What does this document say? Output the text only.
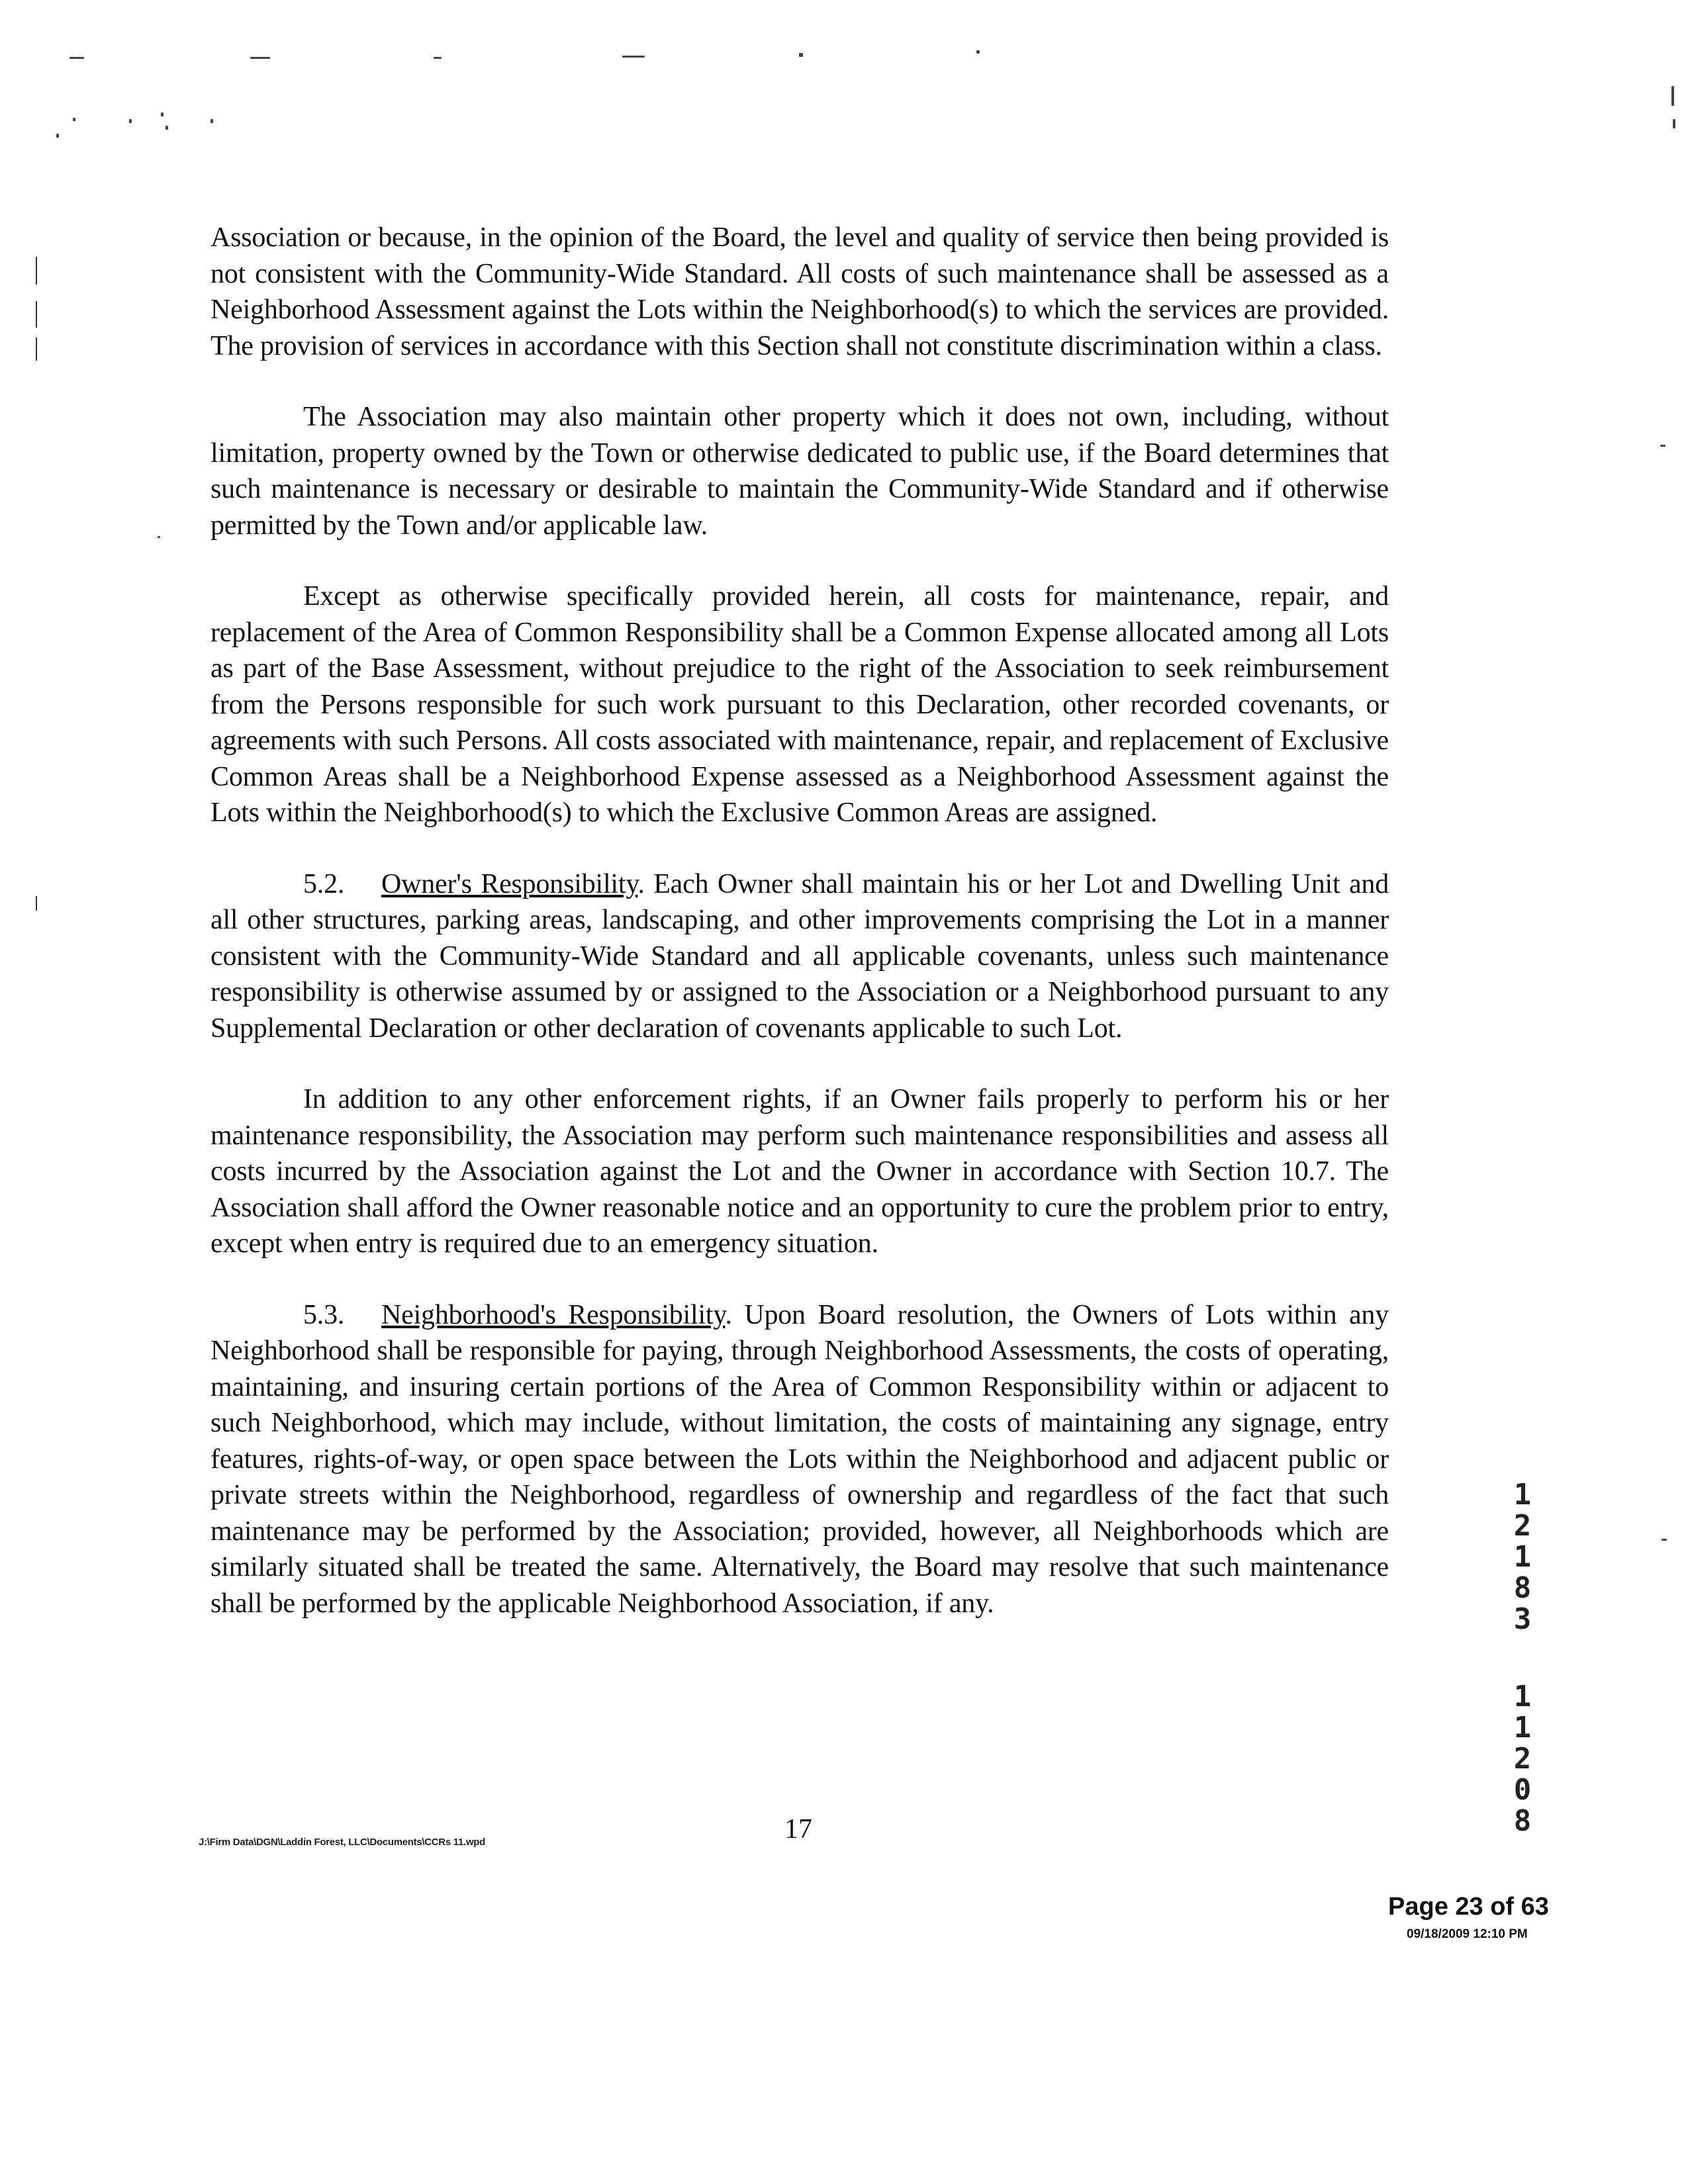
Association or because, in the opinion of the Board, the level and quality of service then being provided is not consistent with the Community-Wide Standard. All costs of such maintenance shall be assessed as a Neighborhood Assessment against the Lots within the Neighborhood(s) to which the services are provided. The provision of services in accordance with this Section shall not constitute discrimination within a class.

The Association may also maintain other property which it does not own, including, without limitation, property owned by the Town or otherwise dedicated to public use, if the Board determines that such maintenance is necessary or desirable to maintain the Community-Wide Standard and if otherwise permitted by the Town and/or applicable law.

Except as otherwise specifically provided herein, all costs for maintenance, repair, and replacement of the Area of Common Responsibility shall be a Common Expense allocated among all Lots as part of the Base Assessment, without prejudice to the right of the Association to seek reimbursement from the Persons responsible for such work pursuant to this Declaration, other recorded covenants, or agreements with such Persons. All costs associated with maintenance, repair, and replacement of Exclusive Common Areas shall be a Neighborhood Expense assessed as a Neighborhood Assessment against the Lots within the Neighborhood(s) to which the Exclusive Common Areas are assigned.

5.2. Owner's Responsibility. Each Owner shall maintain his or her Lot and Dwelling Unit and all other structures, parking areas, landscaping, and other improvements comprising the Lot in a manner consistent with the Community-Wide Standard and all applicable covenants, unless such maintenance responsibility is otherwise assumed by or assigned to the Association or a Neighborhood pursuant to any Supplemental Declaration or other declaration of covenants applicable to such Lot.

In addition to any other enforcement rights, if an Owner fails properly to perform his or her maintenance responsibility, the Association may perform such maintenance responsibilities and assess all costs incurred by the Association against the Lot and the Owner in accordance with Section 10.7. The Association shall afford the Owner reasonable notice and an opportunity to cure the problem prior to entry, except when entry is required due to an emergency situation.

5.3. Neighborhood's Responsibility. Upon Board resolution, the Owners of Lots within any Neighborhood shall be responsible for paying, through Neighborhood Assessments, the costs of operating, maintaining, and insuring certain portions of the Area of Common Responsibility within or adjacent to such Neighborhood, which may include, without limitation, the costs of maintaining any signage, entry features, rights-of-way, or open space between the Lots within the Neighborhood and adjacent public or private streets within the Neighborhood, regardless of ownership and regardless of the fact that such maintenance may be performed by the Association; provided, however, all Neighborhoods which are similarly situated shall be treated the same. Alternatively, the Board may resolve that such maintenance shall be performed by the applicable Neighborhood Association, if any.

1
2
1
8
3
1
1
2
0
8
J:\Firm Data\DGN\Laddin Forest, LLC\Documents\CCRs 11.wpd	17
Page 23 of 63
09/18/2009 12:10 PM
